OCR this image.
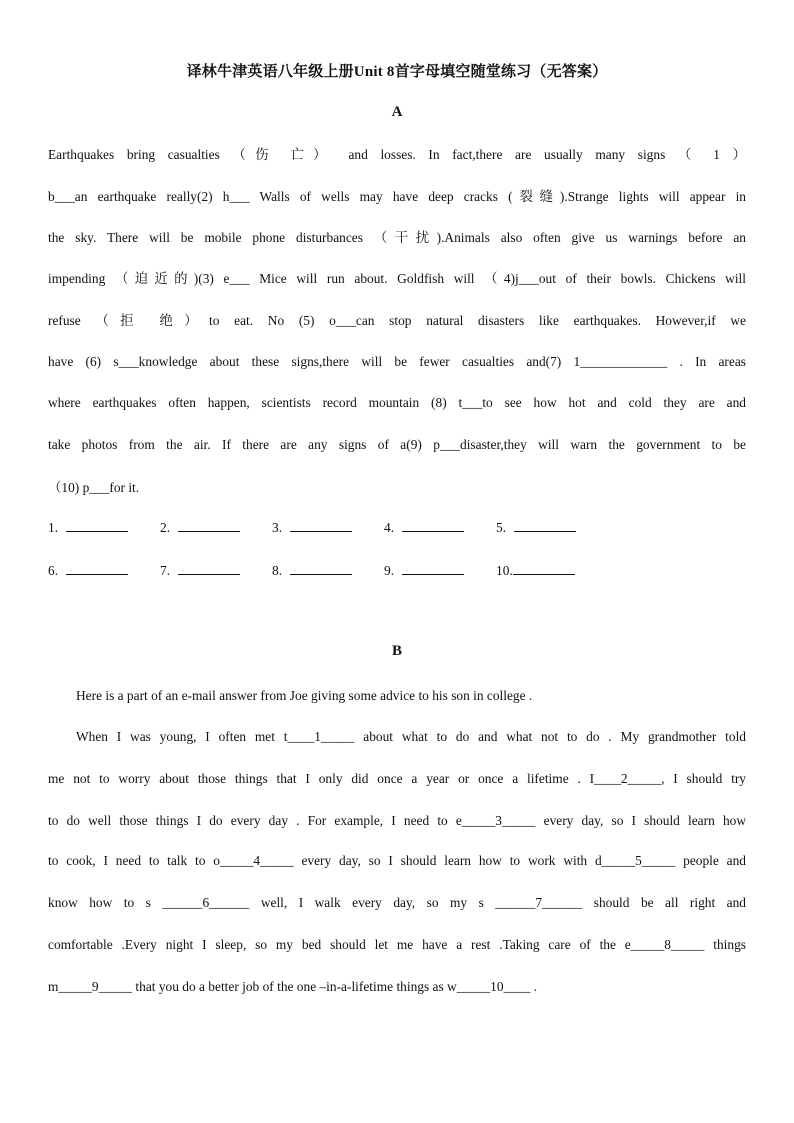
译林牛津英语八年级上册Unit 8首字母填空随堂练习（无答案）
A
Earthquakes bring casualties （伤 亡） and losses. In fact,there are usually many signs （ 1 ）
b___an earthquake really(2) h___ Walls of wells may have deep cracks (裂缝).Strange lights will appear in
the sky. There will be mobile phone disturbances （干扰).Animals also often give us warnings before an
impending （迫近的)(3) e___ Mice will run about. Goldfish will （4)j___out of their bowls. Chickens will
refuse （拒 绝）to eat. No (5) o___can stop natural disasters like earthquakes. However,if we
have (6) s___knowledge about these signs,there will be fewer casualties and(7) 1_____________ . In areas
where earthquakes often happen, scientists record mountain (8) t___to see how hot and cold they are and
take photos from the air. If there are any signs of a(9) p___disaster,they will warn the government to be
（10) p___for it.
1.	2.	3.	4.	5.
6.	7.	8.	9.	10.
B
Here is a part of an e-mail answer from Joe giving some advice to his son in college .
When I was young, I often met t____1_____ about what to do and what not to do . My grandmother told
me not to worry about those things that I only did once a year or once a lifetime . I____2_____, I should try
to do well those things I do every day . For example, I need to e_____3_____ every day, so I should learn how
to cook, I need to talk to o_____4_____ every day, so I should learn how to work with d_____5_____ people and
know how to s ______6______ well, I walk every day, so my s ______7______ should be all right and
comfortable .Every night I sleep, so my bed should let me have a rest .Taking care of the e_____8_____ things
m_____9_____ that you do a better job of the one –in-a-lifetime things as w_____10____ .
